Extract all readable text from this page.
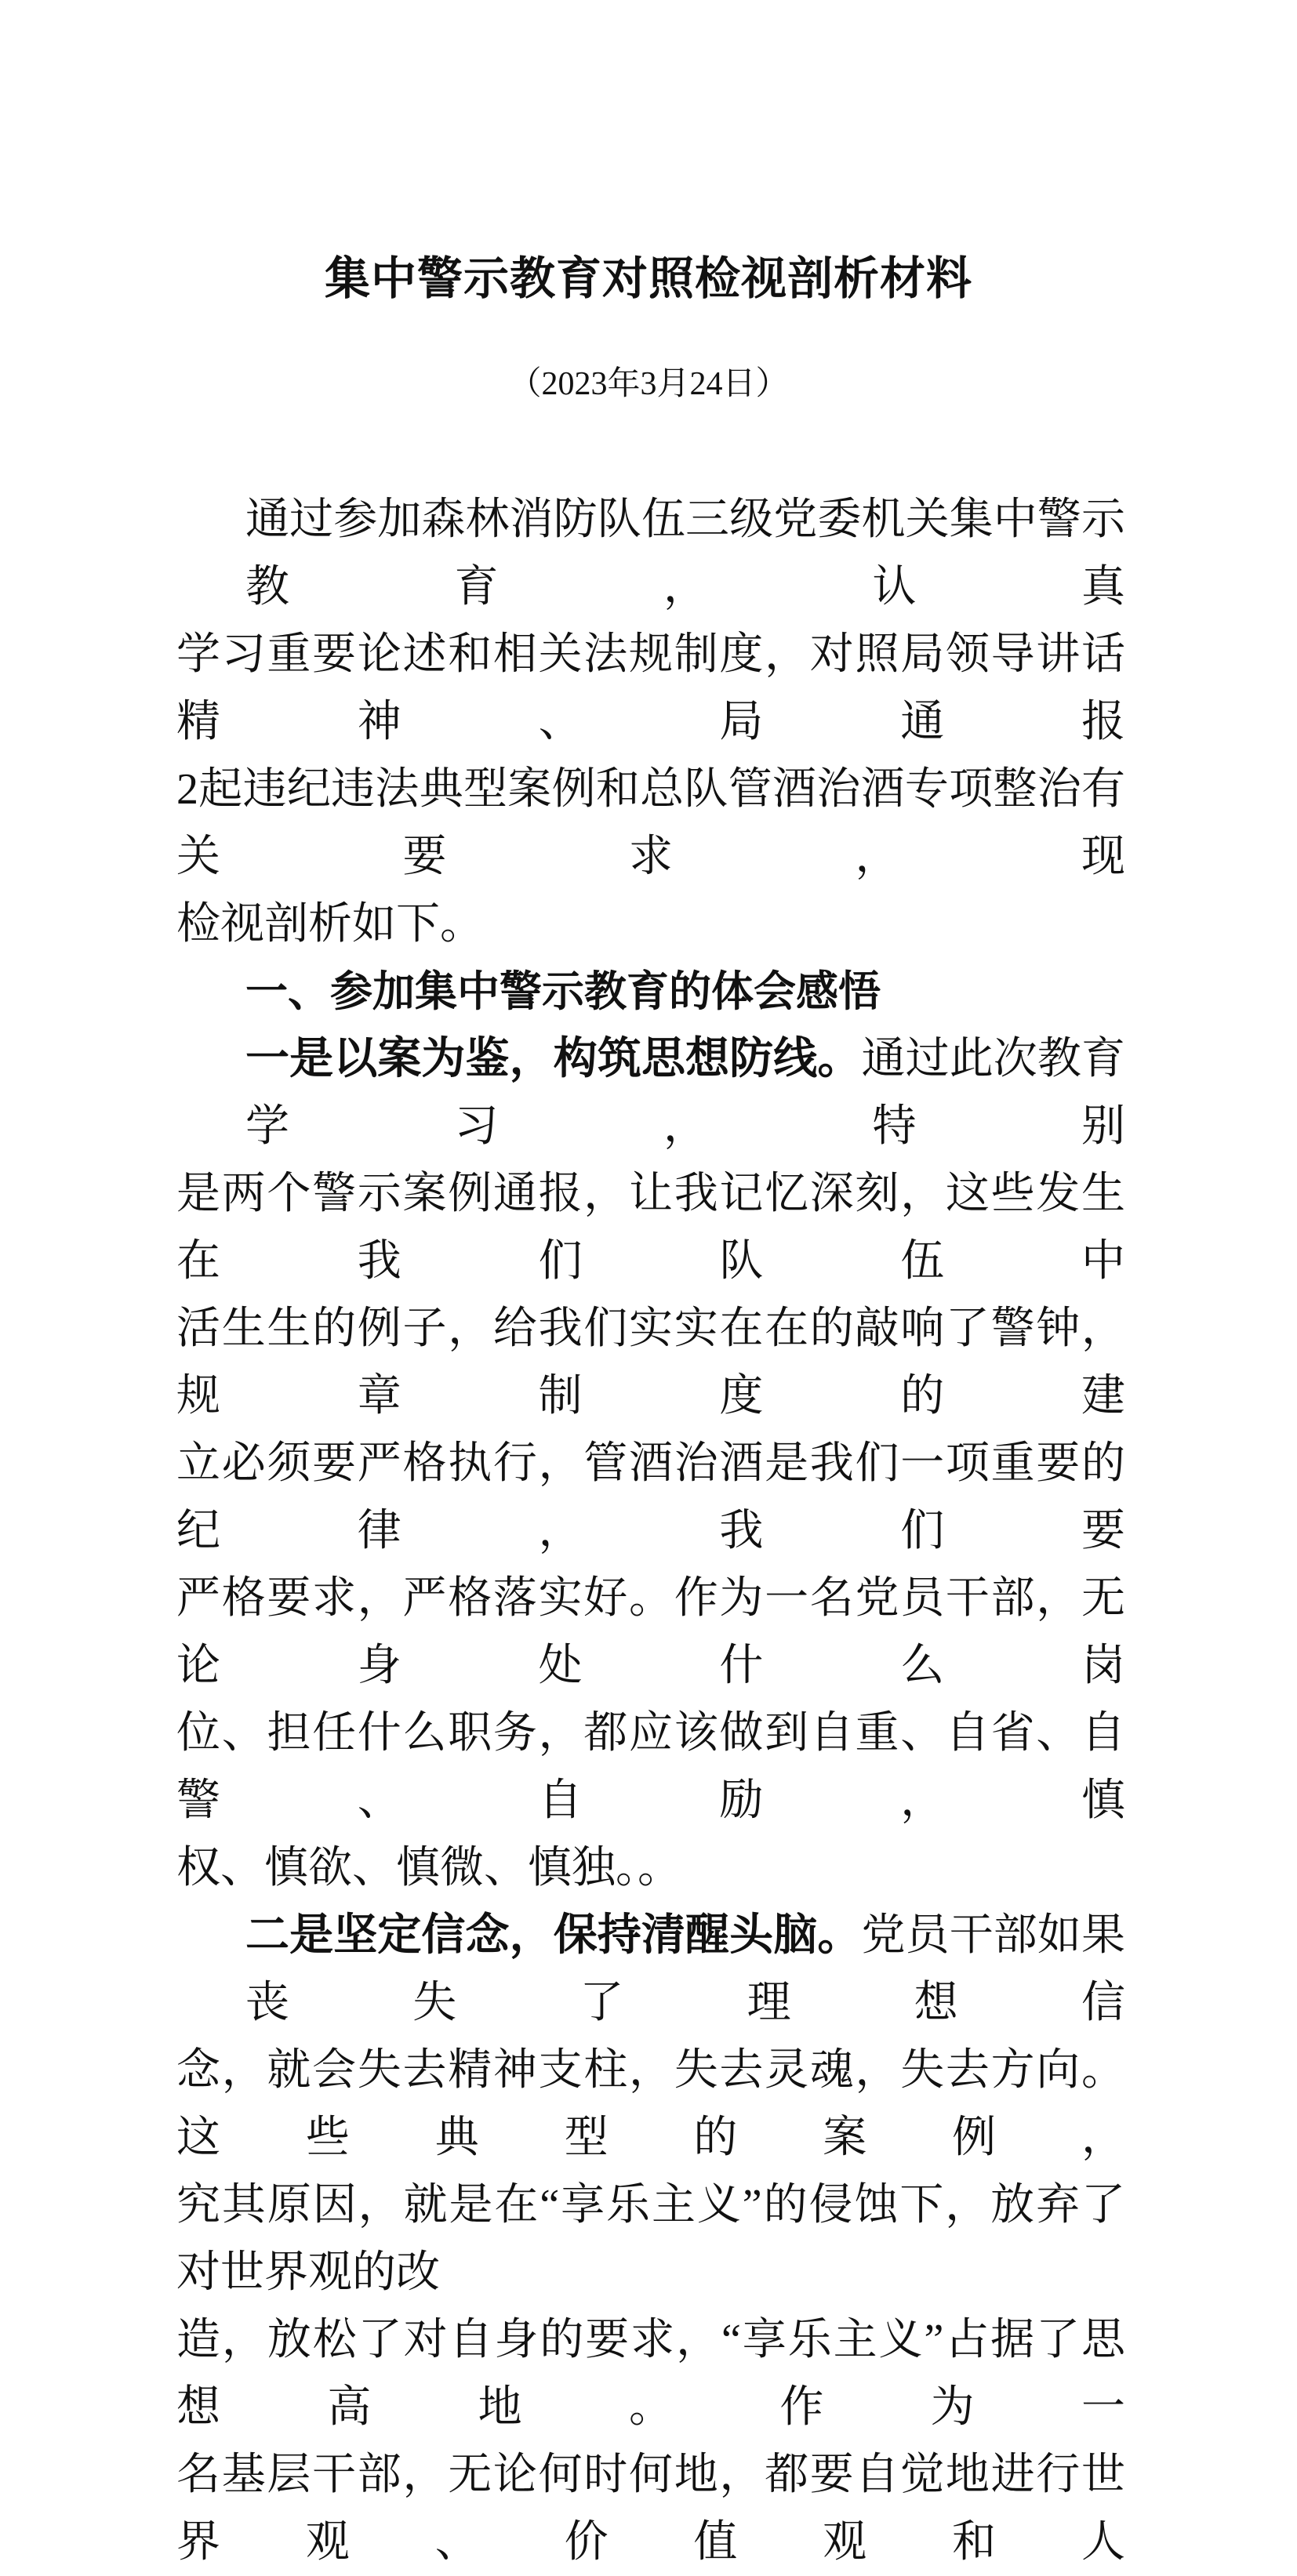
集中警示教育对照检视剖析材料
（2023年3月24日）
通过参加森林消防队伍三级党委机关集中警示教育，认真
学习重要论述和相关法规制度，对照局领导讲话精神、局通报
2起违纪违法典型案例和总队管酒治酒专项整治有关要求，现
检视剖析如下。
一、参加集中警示教育的体会感悟
一是以案为鉴，构筑思想防线。通过此次教育学习，特别
是两个警示案例通报，让我记忆深刻，这些发生在我们队伍中
活生生的例子，给我们实实在在的敲响了警钟，规章制度的建
立必须要严格执行，管酒治酒是我们一项重要的纪律，我们要
严格要求，严格落实好。作为一名党员干部，无论身处什么岗
位、担任什么职务，都应该做到自重、自省、自警、自励，慎
权、慎欲、慎微、慎独。。
二是坚定信念，保持清醒头脑。党员干部如果丧失了理想信
念，就会失去精神支柱，失去灵魂，失去方向。这些典型的案例，
究其原因，就是在“享乐主义”的侵蚀下，放弃了对世界观的改
造，放松了对自身的要求，“享乐主义”占据了思想高地。作为一
名基层干部，无论何时何地，都要自觉地进行世界观、价值观和人
